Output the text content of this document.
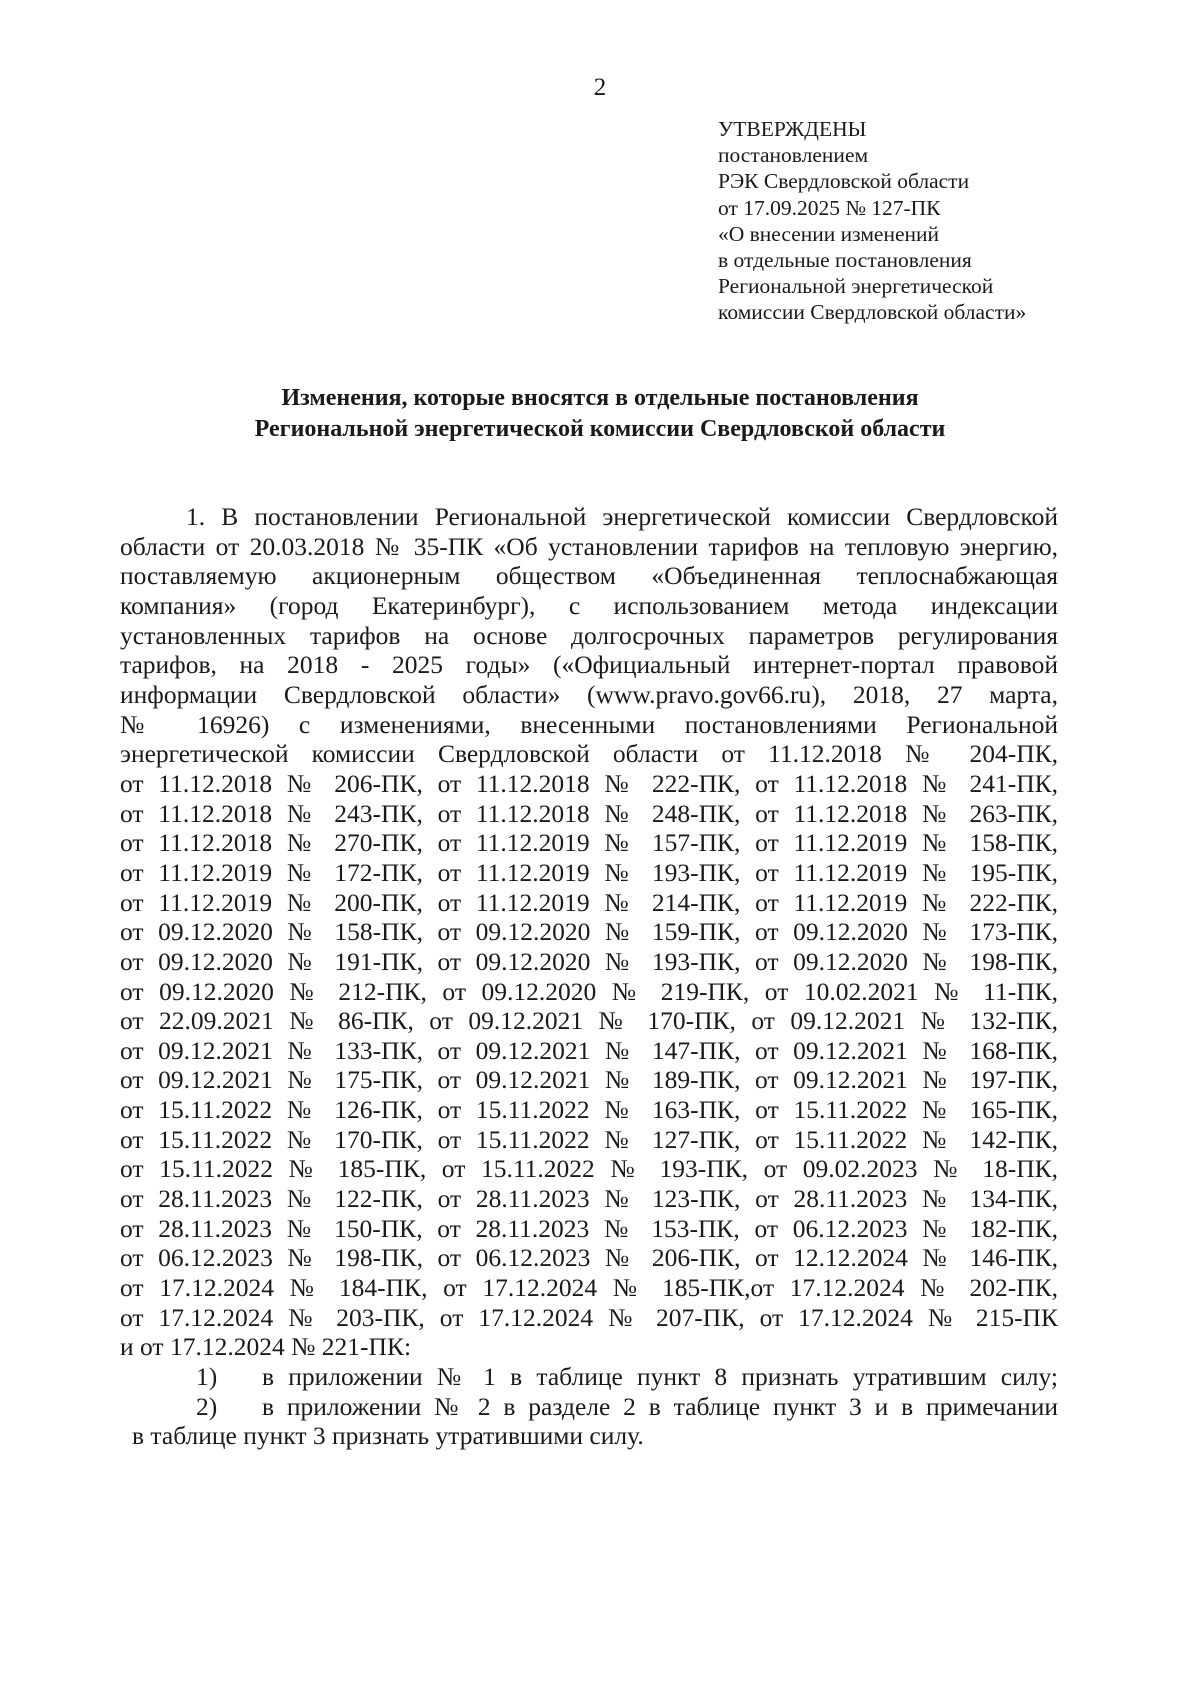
2
УТВЕРЖДЕНЫ
постановлением
РЭК Свердловской области
от 17.09.2025 № 127-ПК
«О внесении изменений
в отдельные постановления
Региональной энергетической
комиссии Свердловской области»
Изменения, которые вносятся в отдельные постановления
Региональной энергетической комиссии Свердловской области
1. В постановлении Региональной энергетической комиссии Свердловской
области от 20.03.2018 № 35-ПК «Об установлении тарифов на тепловую энергию,
поставляемую акционерным обществом «Объединенная теплоснабжающая
компания» (город Екатеринбург), с использованием метода индексации
установленных тарифов на основе долгосрочных параметров регулирования
тарифов, на 2018 - 2025 годы» («Официальный интернет-портал правовой
информации Свердловской области» (www.pravo.gov66.ru), 2018, 27 марта,
№ 16926) с изменениями, внесенными постановлениями Региональной
энергетической комиссии Свердловской области от 11.12.2018 № 204-ПК,
от 11.12.2018 № 206-ПК, от 11.12.2018 № 222-ПК, от 11.12.2018 № 241-ПК,
от 11.12.2018 № 243-ПК, от 11.12.2018 № 248-ПК, от 11.12.2018 № 263-ПК,
от 11.12.2018 № 270-ПК, от 11.12.2019 № 157-ПК, от 11.12.2019 № 158-ПК,
от 11.12.2019 № 172-ПК, от 11.12.2019 № 193-ПК, от 11.12.2019 № 195-ПК,
от 11.12.2019 № 200-ПК, от 11.12.2019 № 214-ПК, от 11.12.2019 № 222-ПК,
от 09.12.2020 № 158-ПК, от 09.12.2020 № 159-ПК, от 09.12.2020 № 173-ПК,
от 09.12.2020 № 191-ПК, от 09.12.2020 № 193-ПК, от 09.12.2020 № 198-ПК,
от 09.12.2020 № 212-ПК, от 09.12.2020 № 219-ПК, от 10.02.2021 № 11-ПК,
от 22.09.2021 № 86-ПК, от 09.12.2021 № 170-ПК, от 09.12.2021 № 132-ПК,
от 09.12.2021 № 133-ПК, от 09.12.2021 № 147-ПК, от 09.12.2021 № 168-ПК,
от 09.12.2021 № 175-ПК, от 09.12.2021 № 189-ПК, от 09.12.2021 № 197-ПК,
от 15.11.2022 № 126-ПК, от 15.11.2022 № 163-ПК, от 15.11.2022 № 165-ПК,
от 15.11.2022 № 170-ПК, от 15.11.2022 № 127-ПК, от 15.11.2022 № 142-ПК,
от 15.11.2022 № 185-ПК, от 15.11.2022 № 193-ПК, от 09.02.2023 № 18-ПК,
от 28.11.2023 № 122-ПК, от 28.11.2023 № 123-ПК, от 28.11.2023 № 134-ПК,
от 28.11.2023 № 150-ПК, от 28.11.2023 № 153-ПК, от 06.12.2023 № 182-ПК,
от 06.12.2023 № 198-ПК, от 06.12.2023 № 206-ПК, от 12.12.2024 № 146-ПК,
от 17.12.2024 № 184-ПК, от 17.12.2024 № 185-ПК,от 17.12.2024 № 202-ПК,
от 17.12.2024 № 203-ПК, от 17.12.2024 № 207-ПК, от 17.12.2024 № 215-ПК
и от 17.12.2024 № 221-ПК:
1) в приложении № 1 в таблице пункт 8 признать утратившим силу;
2) в приложении № 2 в разделе 2 в таблице пункт 3 и в примечании
в таблице пункт 3 признать утратившими силу.
